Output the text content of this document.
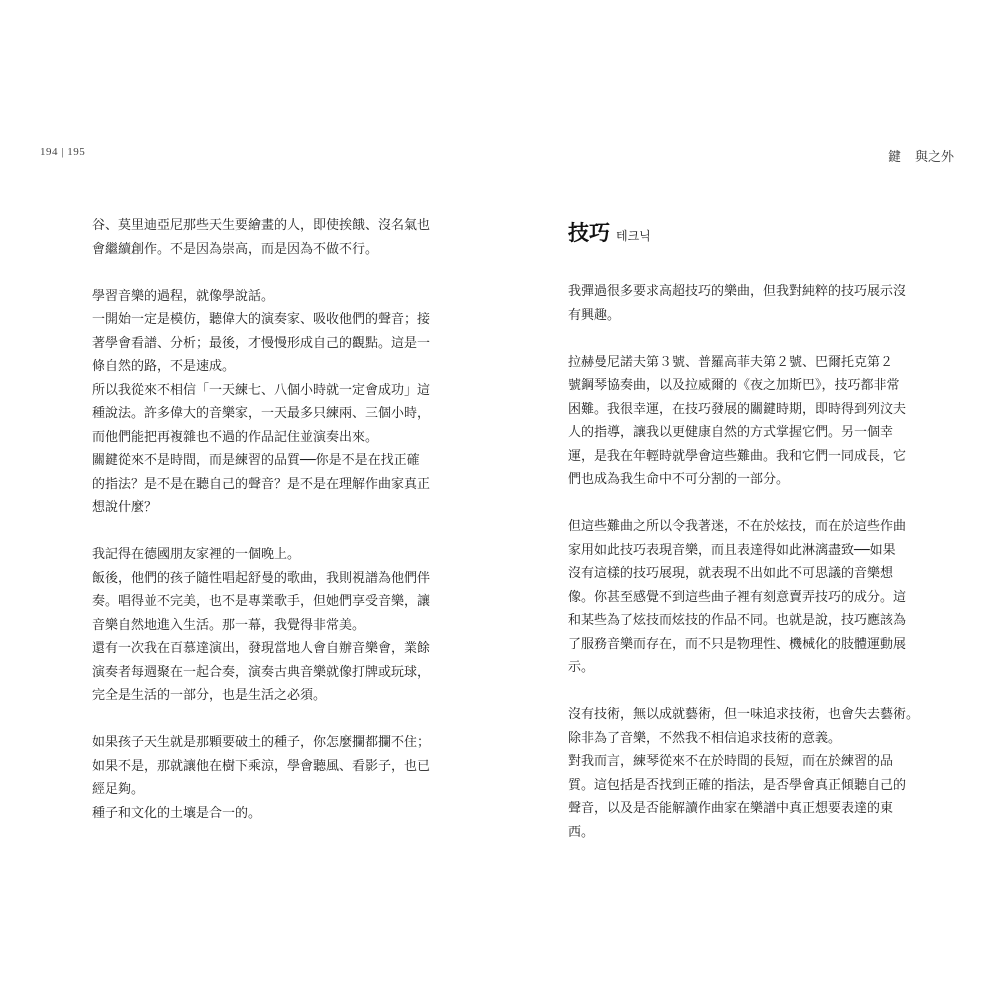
194 | 195	鍵 與之外
谷、莫里迪亞尼那些天生要繪畫的人，即使挨餓、沒名氣也
會繼續創作。不是因為崇高，而是因為不做不行。
學習音樂的過程，就像學說話。
一開始一定是模仿，聽偉大的演奏家、吸收他們的聲音；接
著學會看譜、分析；最後，才慢慢形成自己的觀點。這是一
條自然的路，不是速成。
所以我從來不相信「一天練七、八個小時就一定會成功」這
種說法。許多偉大的音樂家，一天最多只練兩、三個小時，
而他們能把再複雜也不過的作品記住並演奏出來。
關鍵從來不是時間，而是練習的品質──你是不是在找正確
的指法？是不是在聽自己的聲音？是不是在理解作曲家真正
想說什麼？
我記得在德國朋友家裡的一個晚上。
飯後，他們的孩子隨性唱起舒曼的歌曲，我則視譜為他們伴
奏。唱得並不完美，也不是專業歌手，但她們享受音樂，讓
音樂自然地進入生活。那一幕，我覺得非常美。
還有一次我在百慕達演出，發現當地人會自辦音樂會，業餘
演奏者每週聚在一起合奏，演奏古典音樂就像打牌或玩球，
完全是生活的一部分，也是生活之必須。
如果孩子天生就是那顆要破土的種子，你怎麼攔都攔不住；
如果不是，那就讓他在樹下乘涼，學會聽風、看影子，也已
經足夠。
種子和文化的土壤是合一的。
技巧 테크닉
我彈過很多要求高超技巧的樂曲，但我對純粹的技巧展示沒
有興趣。
拉赫曼尼諾夫第３號、普羅高菲夫第２號、巴爾托克第２
號鋼琴協奏曲，以及拉威爾的《夜之加斯巴》，技巧都非常
困難。我很幸運，在技巧發展的關鍵時期，即時得到列汶夫
人的指導，讓我以更健康自然的方式掌握它們。另一個幸
運，是我在年輕時就學會這些難曲。我和它們一同成長，它
們也成為我生命中不可分割的一部分。
但這些難曲之所以令我著迷，不在於炫技，而在於這些作曲
家用如此技巧表現音樂，而且表達得如此淋漓盡致──如果
沒有這樣的技巧展現，就表現不出如此不可思議的音樂想
像。你甚至感覺不到這些曲子裡有刻意賣弄技巧的成分。這
和某些為了炫技而炫技的作品不同。也就是說，技巧應該為
了服務音樂而存在，而不只是物理性、機械化的肢體運動展
示。
沒有技術，無以成就藝術，但一味追求技術，也會失去藝術。
除非為了音樂，不然我不相信追求技術的意義。
對我而言，練琴從來不在於時間的長短，而在於練習的品
質。這包括是否找到正確的指法，是否學會真正傾聽自己的
聲音，以及是否能解讀作曲家在樂譜中真正想要表達的東
西。
